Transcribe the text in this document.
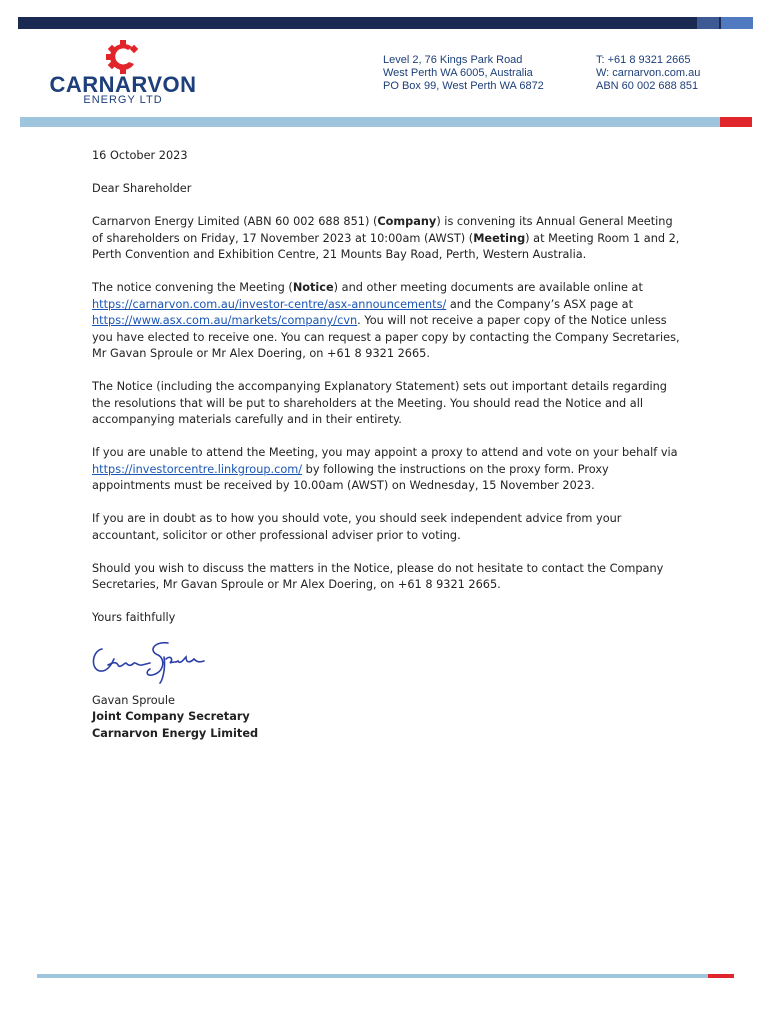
CARNARVON
ENERGY LTD
Level 2, 76 Kings Park Road
West Perth WA 6005, Australia
PO Box 99, West Perth WA 6872
T: +61 8 9321 2665
W: carnarvon.com.au
ABN 60 002 688 851

16 October 2023

Dear Shareholder

Carnarvon Energy Limited (ABN 60 002 688 851) (Company) is convening its Annual General Meeting of shareholders on Friday, 17 November 2023 at 10:00am (AWST) (Meeting) at Meeting Room 1 and 2, Perth Convention and Exhibition Centre, 21 Mounts Bay Road, Perth, Western Australia.

The notice convening the Meeting (Notice) and other meeting documents are available online at https://carnarvon.com.au/investor-centre/asx-announcements/ and the Company’s ASX page at https://www.asx.com.au/markets/company/cvn. You will not receive a paper copy of the Notice unless you have elected to receive one. You can request a paper copy by contacting the Company Secretaries, Mr Gavan Sproule or Mr Alex Doering, on +61 8 9321 2665.

The Notice (including the accompanying Explanatory Statement) sets out important details regarding the resolutions that will be put to shareholders at the Meeting. You should read the Notice and all accompanying materials carefully and in their entirety.

If you are unable to attend the Meeting, you may appoint a proxy to attend and vote on your behalf via https://investorcentre.linkgroup.com/ by following the instructions on the proxy form. Proxy appointments must be received by 10.00am (AWST) on Wednesday, 15 November 2023.

If you are in doubt as to how you should vote, you should seek independent advice from your accountant, solicitor or other professional adviser prior to voting.

Should you wish to discuss the matters in the Notice, please do not hesitate to contact the Company Secretaries, Mr Gavan Sproule or Mr Alex Doering, on +61 8 9321 2665.

Yours faithfully

Gavan Sproule
Joint Company Secretary
Carnarvon Energy Limited
